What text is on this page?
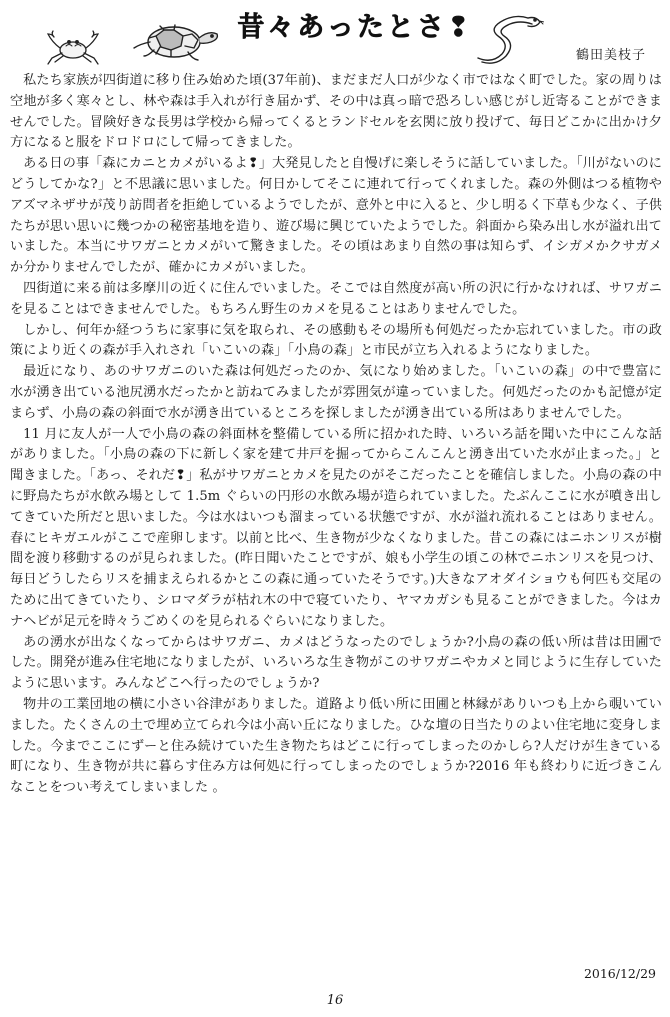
昔々あったとさ❢
鶴田美枝子

私たち家族が四街道に移り住み始めた頃(37年前)、まだまだ人口が少なく市ではなく町でした。家の周りは空地が多く寒々とし、林や森は手入れが行き届かず、その中は真っ暗で恐ろしい感じがし近寄ることができませんでした。冒険好きな長男は学校から帰ってくるとランドセルを玄関に放り投げて、毎日どこかに出かけ夕方になると服をドロドロにして帰ってきました。

ある日の事「森にカニとカメがいるよ❢」大発見したと自慢げに楽しそうに話していました。「川がないのにどうしてかな?」と不思議に思いました。何日かしてそこに連れて行ってくれました。森の外側はつる植物やアズマネザサが茂り訪問者を拒絶しているようでしたが、意外と中に入ると、少し明るく下草も少なく、子供たちが思い思いに幾つかの秘密基地を造り、遊び場に興じていたようでした。斜面から染み出し水が溢れ出ていました。本当にサワガニとカメがいて驚きました。その頃はあまり自然の事は知らず、イシガメかクサガメか分かりませんでしたが、確かにカメがいました。

四街道に来る前は多摩川の近くに住んでいました。そこでは自然度が高い所の沢に行かなければ、サワガニを見ることはできませんでした。もちろん野生のカメを見ることはありませんでした。

しかし、何年か経つうちに家事に気を取られ、その感動もその場所も何処だったか忘れていました。市の政策により近くの森が手入れされ「いこいの森」「小鳥の森」と市民が立ち入れるようになりました。

最近になり、あのサワガニのいた森は何処だったのか、気になり始めました。「いこいの森」の中で豊富に水が湧き出ている池尻湧水だったかと訪ねてみましたが雰囲気が違っていました。何処だったのかも記憶が定まらず、小鳥の森の斜面で水が湧き出ているところを探しましたが湧き出ている所はありませんでした。

11 月に友人が一人で小鳥の森の斜面林を整備している所に招かれた時、いろいろ話を聞いた中にこんな話がありました。「小鳥の森の下に新しく家を建て井戸を掘ってからこんこんと湧き出ていた水が止まった。」と聞きました。「あっ、それだ❢」私がサワガニとカメを見たのがそこだったことを確信しました。小鳥の森の中に野鳥たちが水飲み場として 1.5m ぐらいの円形の水飲み場が造られていました。たぶんここに水が噴き出してきていた所だと思いました。今は水はいつも溜まっている状態ですが、水が溢れ流れることはありません。春にヒキガエルがここで産卵します。以前と比べ、生き物が少なくなりました。昔この森にはニホンリスが樹間を渡り移動するのが見られました。(昨日聞いたことですが、娘も小学生の頃この林でニホンリスを見つけ、毎日どうしたらリスを捕まえられるかとこの森に通っていたそうです。)大きなアオダイショウも何匹も交尾のために出てきていたり、シロマダラが枯れ木の中で寝ていたり、ヤマカガシも見ることができました。今はカナヘビが足元を時々うごめくのを見られるぐらいになりました。

あの湧水が出なくなってからはサワガニ、カメはどうなったのでしょうか?小鳥の森の低い所は昔は田圃でした。開発が進み住宅地になりましたが、いろいろな生き物がこのサワガニやカメと同じように生存していたように思います。みんなどこへ行ったのでしょうか?

物井の工業団地の横に小さい谷津がありました。道路より低い所に田圃と林縁がありいつも上から覗いていました。たくさんの土で埋め立てられ今は小高い丘になりました。ひな壇の日当たりのよい住宅地に変身しました。今までここにずーと住み続けていた生き物たちはどこに行ってしまったのかしら?人だけが生きている町になり、生き物が共に暮らす住み方は何処に行ってしまったのでしょうか?2016 年も終わりに近づきこんなことをつい考えてしまいました 。

2016/12/29
16
